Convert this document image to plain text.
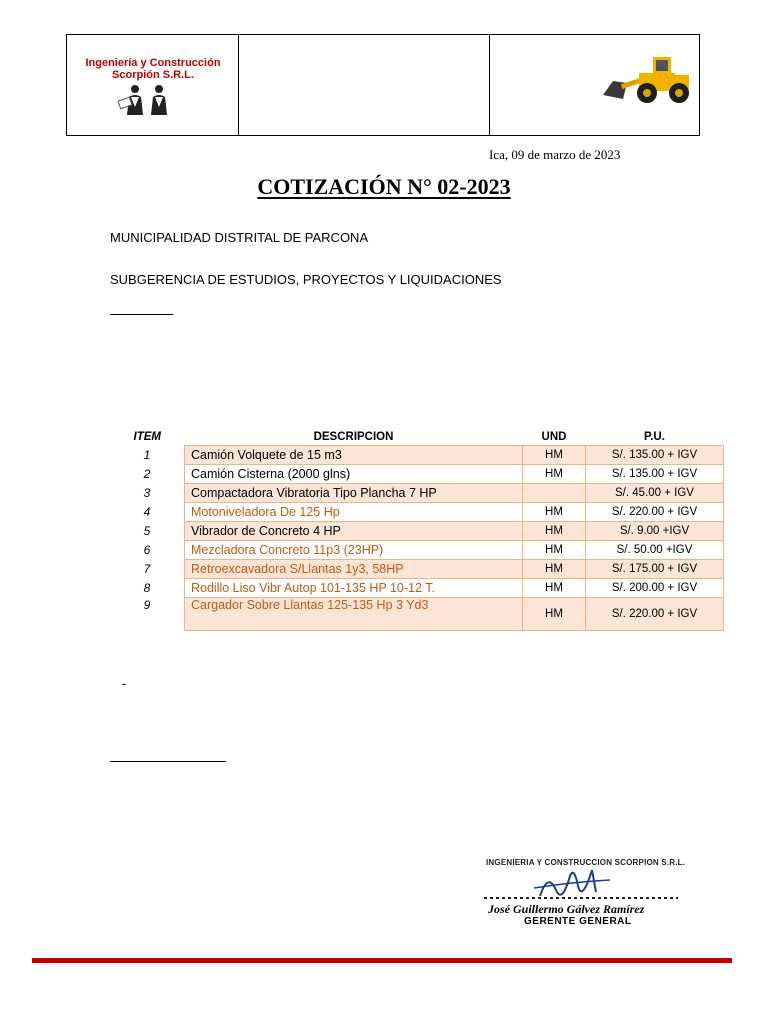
Ingeniería y Construcción
Scorpión S.R.L.
Ica, 09 de marzo de 2023
COTIZACIÓN N° 02-2023
MUNICIPALIDAD DISTRITAL DE PARCONA
SUBGERENCIA DE ESTUDIOS, PROYECTOS Y LIQUIDACIONES
ITEM	DESCRIPCION	UND	P.U.
1	Camión Volquete de 15 m3	HM	S/. 135.00 + IGV
2	Camión Cisterna (2000 glns)	HM	S/. 135.00 + IGV
3	Compactadora Vibratoria Tipo Plancha 7 HP		S/. 45.00 + IGV
4	Motoniveladora De 125 Hp	HM	S/. 220.00 + IGV
5	Vibrador de Concreto 4 HP	HM	S/. 9.00 +IGV
6	Mezcladora Concreto 11p3 (23HP)	HM	S/. 50.00 +IGV
7	Retroexcavadora S/Llantas 1y3, 58HP	HM	S/. 175.00 + IGV
8	Rodillo Liso Vibr Autop 101-135 HP 10-12 T.	HM	S/. 200.00 + IGV
9	Cargador Sobre Llantas 125-135 Hp 3 Yd3	HM	S/. 220.00 + IGV
-
INGENIERIA Y CONSTRUCCION SCORPION S.R.L.
José Guillermo Gálvez Ramírez
GERENTE GENERAL
